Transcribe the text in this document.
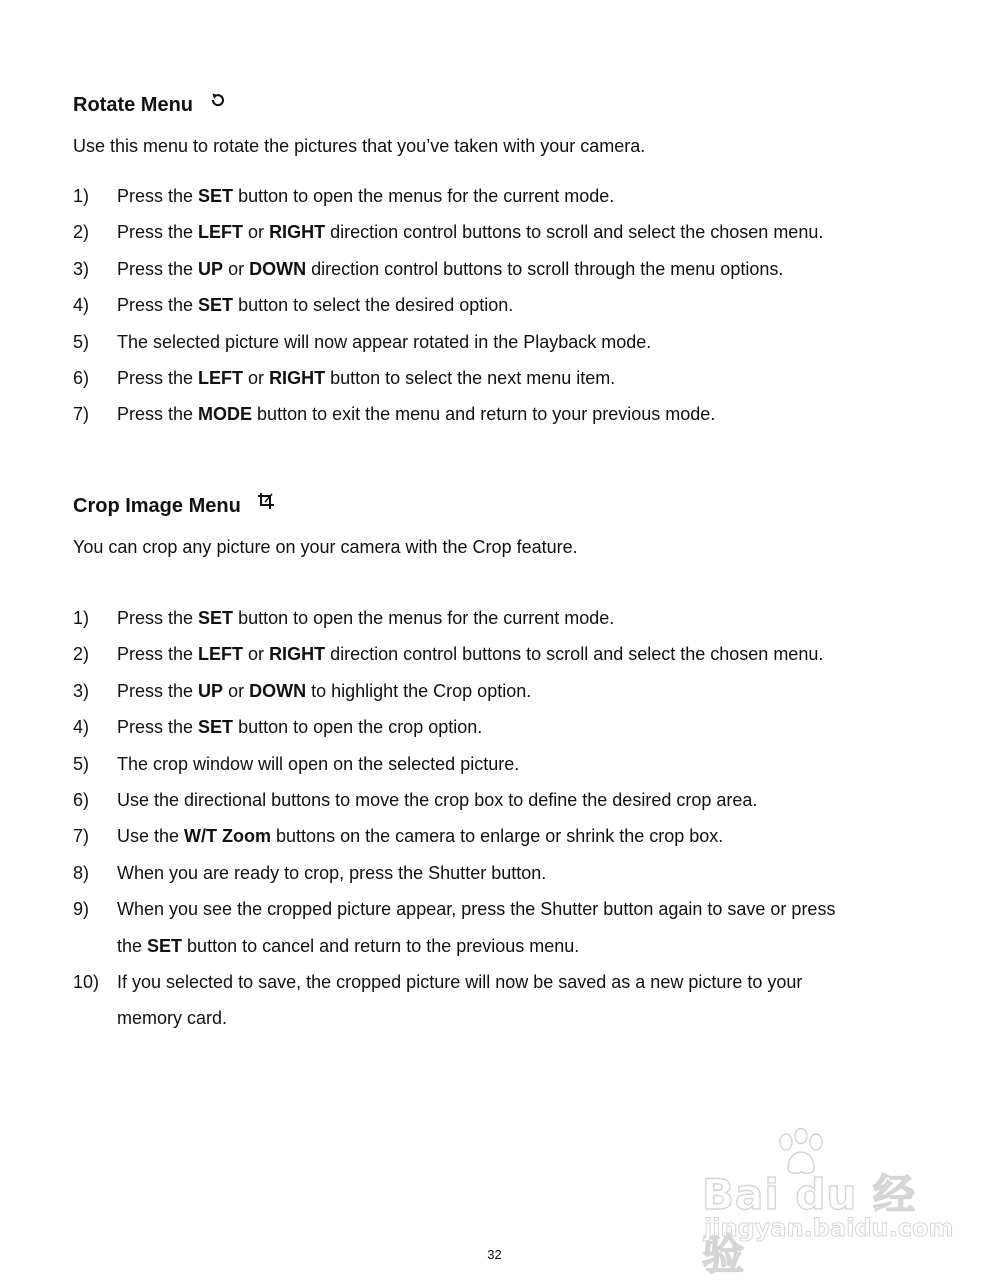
Rotate Menu
Use this menu to rotate the pictures that you’ve taken with your camera.
1) Press the SET button to open the menus for the current mode.
2) Press the LEFT or RIGHT direction control buttons to scroll and select the chosen menu.
3) Press the UP or DOWN direction control buttons to scroll through the menu options.
4) Press the SET button to select the desired option.
5) The selected picture will now appear rotated in the Playback mode.
6) Press the LEFT or RIGHT button to select the next menu item.
7) Press the MODE button to exit the menu and return to your previous mode.
Crop Image Menu
You can crop any picture on your camera with the Crop feature.
1) Press the SET button to open the menus for the current mode.
2) Press the LEFT or RIGHT direction control buttons to scroll and select the chosen menu.
3) Press the UP or DOWN to highlight the Crop option.
4) Press the SET button to open the crop option.
5) The crop window will open on the selected picture.
6) Use the directional buttons to move the crop box to define the desired crop area.
7) Use the W/T Zoom buttons on the camera to enlarge or shrink the crop box.
8) When you are ready to crop, press the Shutter button.
9) When you see the cropped picture appear, press the Shutter button again to save or press
the SET button to cancel and return to the previous menu.
10) If you selected to save, the cropped picture will now be saved as a new picture to your
memory card.
Bai du 经验
jingyan.baidu.com
32
